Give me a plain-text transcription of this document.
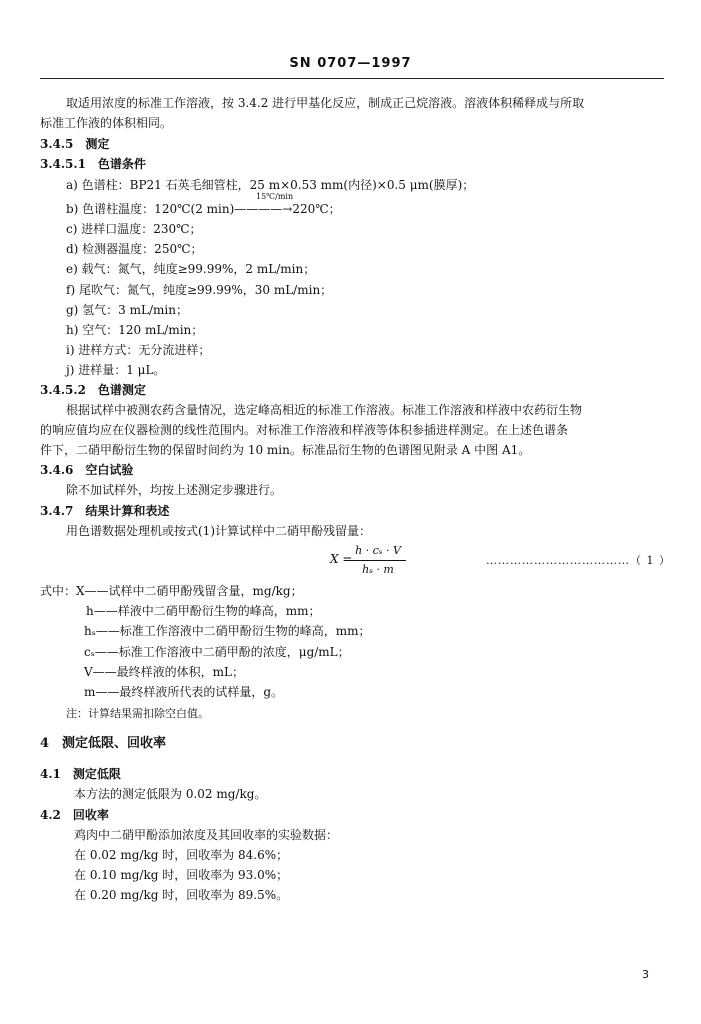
SN 0707—1997
取适用浓度的标准工作溶液，按 3.4.2 进行甲基化反应，制成正己烷溶液。溶液体积稀释成与所取
标准工作液的体积相同。
3.4.5　测定
3.4.5.1　色谱条件
a) 色谱柱：BP21 石英毛细管柱，25 m×0.53 mm(内径)×0.5 μm(膜厚)；
15℃/min
b) 色谱柱温度：120℃(2 min)————→220℃；
c) 进样口温度：230℃；
d) 检测器温度：250℃；
e) 载气：氮气，纯度≥99.99%，2 mL/min；
f) 尾吹气：氮气，纯度≥99.99%，30 mL/min；
g) 氢气：3 mL/min；
h) 空气：120 mL/min；
i) 进样方式：无分流进样；
j) 进样量：1 μL。
3.4.5.2　色谱测定
根据试样中被测农药含量情况，选定峰高相近的标准工作溶液。标准工作溶液和样液中农药衍生物
的响应值均应在仪器检测的线性范围内。对标准工作溶液和样液等体积参插进样测定。在上述色谱条
件下，二硝甲酚衍生物的保留时间约为 10 min。标准品衍生物的色谱图见附录 A 中图 A1。
3.4.6　空白试验
除不加试样外，均按上述测定步骤进行。
3.4.7　结果计算和表述
用色谱数据处理机或按式(1)计算试样中二硝甲酚残留量：
X =
h · cₛ · V
hₛ · m
………………………………（ 1 ）
式中：X——试样中二硝甲酚残留含量，mg/kg；
h——样液中二硝甲酚衍生物的峰高，mm；
hₛ——标准工作溶液中二硝甲酚衍生物的峰高，mm；
cₛ——标准工作溶液中二硝甲酚的浓度，μg/mL；
V——最终样液的体积，mL；
m——最终样液所代表的试样量，g。
注：计算结果需扣除空白值。
4　测定低限、回收率
4.1　测定低限
本方法的测定低限为 0.02 mg/kg。
4.2　回收率
鸡肉中二硝甲酚添加浓度及其回收率的实验数据：
在 0.02 mg/kg 时，回收率为 84.6%；
在 0.10 mg/kg 时，回收率为 93.0%；
在 0.20 mg/kg 时，回收率为 89.5%。
3
